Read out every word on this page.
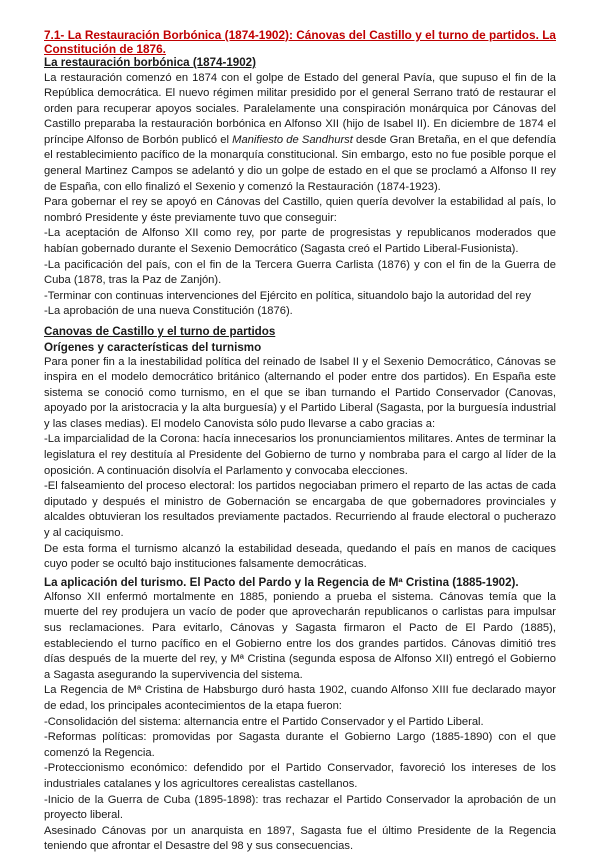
7.1- La Restauración Borbónica (1874-1902): Cánovas del Castillo y el turno de partidos. La Constitución de 1876.

La restauración borbónica (1874-1902)

La restauración comenzó en 1874 con el golpe de Estado del general Pavía, que supuso el fin de la República democrática. El nuevo régimen militar presidido por el general Serrano trató de restaurar el orden para recuperar apoyos sociales. Paralelamente una conspiración monárquica por Cánovas del Castillo preparaba la restauración borbónica en Alfonso XII (hijo de Isabel II). En diciembre de 1874 el príncipe Alfonso de Borbón publicó el Manifiesto de Sandhurst desde Gran Bretaña, en el que defendía el restablecimiento pacífico de la monarquía constitucional. Sin embargo, esto no fue posible porque el general Martinez Campos se adelantó y dio un golpe de estado en el que se proclamó a Alfonso II rey de España, con ello finalizó el Sexenio y comenzó la Restauración (1874-1923).

Para gobernar el rey se apoyó en Cánovas del Castillo, quien quería devolver la estabilidad al país, lo nombró Presidente y éste previamente tuvo que conseguir:

-La aceptación de Alfonso XII como rey, por parte de progresistas y republicanos moderados que habían gobernado durante el Sexenio Democrático (Sagasta creó el Partido Liberal-Fusionista).

-La pacificación del país, con el fin de la Tercera Guerra Carlista (1876) y con el fin de la Guerra de Cuba (1878, tras la Paz de Zanjón).

-Terminar con continuas intervenciones del Ejército en política, situandolo bajo la autoridad del rey

-La aprobación de una nueva Constitución (1876).

Canovas de Castillo y el turno de partidos

Orígenes y características del turnismo

Para poner fin a la inestabilidad política del reinado de Isabel II y el Sexenio Democrático, Cánovas se inspira en el modelo democrático británico (alternando el poder entre dos partidos). En España este sistema se conoció como turnismo, en el que se iban turnando el Partido Conservador (Canovas, apoyado por la aristocracia y la alta burguesía) y el Partido Liberal (Sagasta, por la burguesía industrial y las clases medias). El modelo Canovista sólo pudo llevarse a cabo gracias a:

-La imparcialidad de la Corona: hacía innecesarios los pronunciamientos militares. Antes de terminar la legislatura el rey destituía al Presidente del Gobierno de turno y nombraba para el cargo al líder de la oposición. A continuación disolvía el Parlamento y convocaba elecciones.

-El falseamiento del proceso electoral: los partidos negociaban primero el reparto de las actas de cada diputado y después el ministro de Gobernación se encargaba de que gobernadores provinciales y alcaldes obtuvieran los resultados previamente pactados. Recurriendo al fraude electoral o pucherazo y al caciquismo.

De esta forma el turnismo alcanzó la estabilidad deseada, quedando el país en manos de caciques cuyo poder se ocultó bajo instituciones falsamente democráticas.

La aplicación del turismo. El Pacto del Pardo y la Regencia de Mª Cristina (1885-1902).

Alfonso XII enfermó mortalmente en 1885, poniendo a prueba el sistema. Cánovas temía que la muerte del rey produjera un vacío de poder que aprovecharán republicanos o carlistas para impulsar sus reclamaciones. Para evitarlo, Cánovas y Sagasta firmaron el Pacto de El Pardo (1885), estableciendo el turno pacífico en el Gobierno entre los dos grandes partidos. Cánovas dimitió tres días después de la muerte del rey, y Mª Cristina (segunda esposa de Alfonso XII) entregó el Gobierno a Sagasta asegurando la supervivencia del sistema.

La Regencia de Mª Cristina de Habsburgo duró hasta 1902, cuando Alfonso XIII fue declarado mayor de edad, los principales acontecimientos de la etapa fueron:

-Consolidación del sistema: alternancia entre el Partido Conservador y el Partido Liberal.

-Reformas políticas: promovidas por Sagasta durante el Gobierno Largo (1885-1890) con el que comenzó la Regencia.

-Proteccionismo económico: defendido por el Partido Conservador, favoreció los intereses de los industriales catalanes y los agricultores cerealistas castellanos.

-Inicio de la Guerra de Cuba (1895-1898): tras rechazar el Partido Conservador la aprobación de un proyecto liberal.

Asesinado Cánovas por un anarquista en 1897, Sagasta fue el último Presidente de la Regencia teniendo que afrontar el Desastre del 98 y sus consecuencias.
